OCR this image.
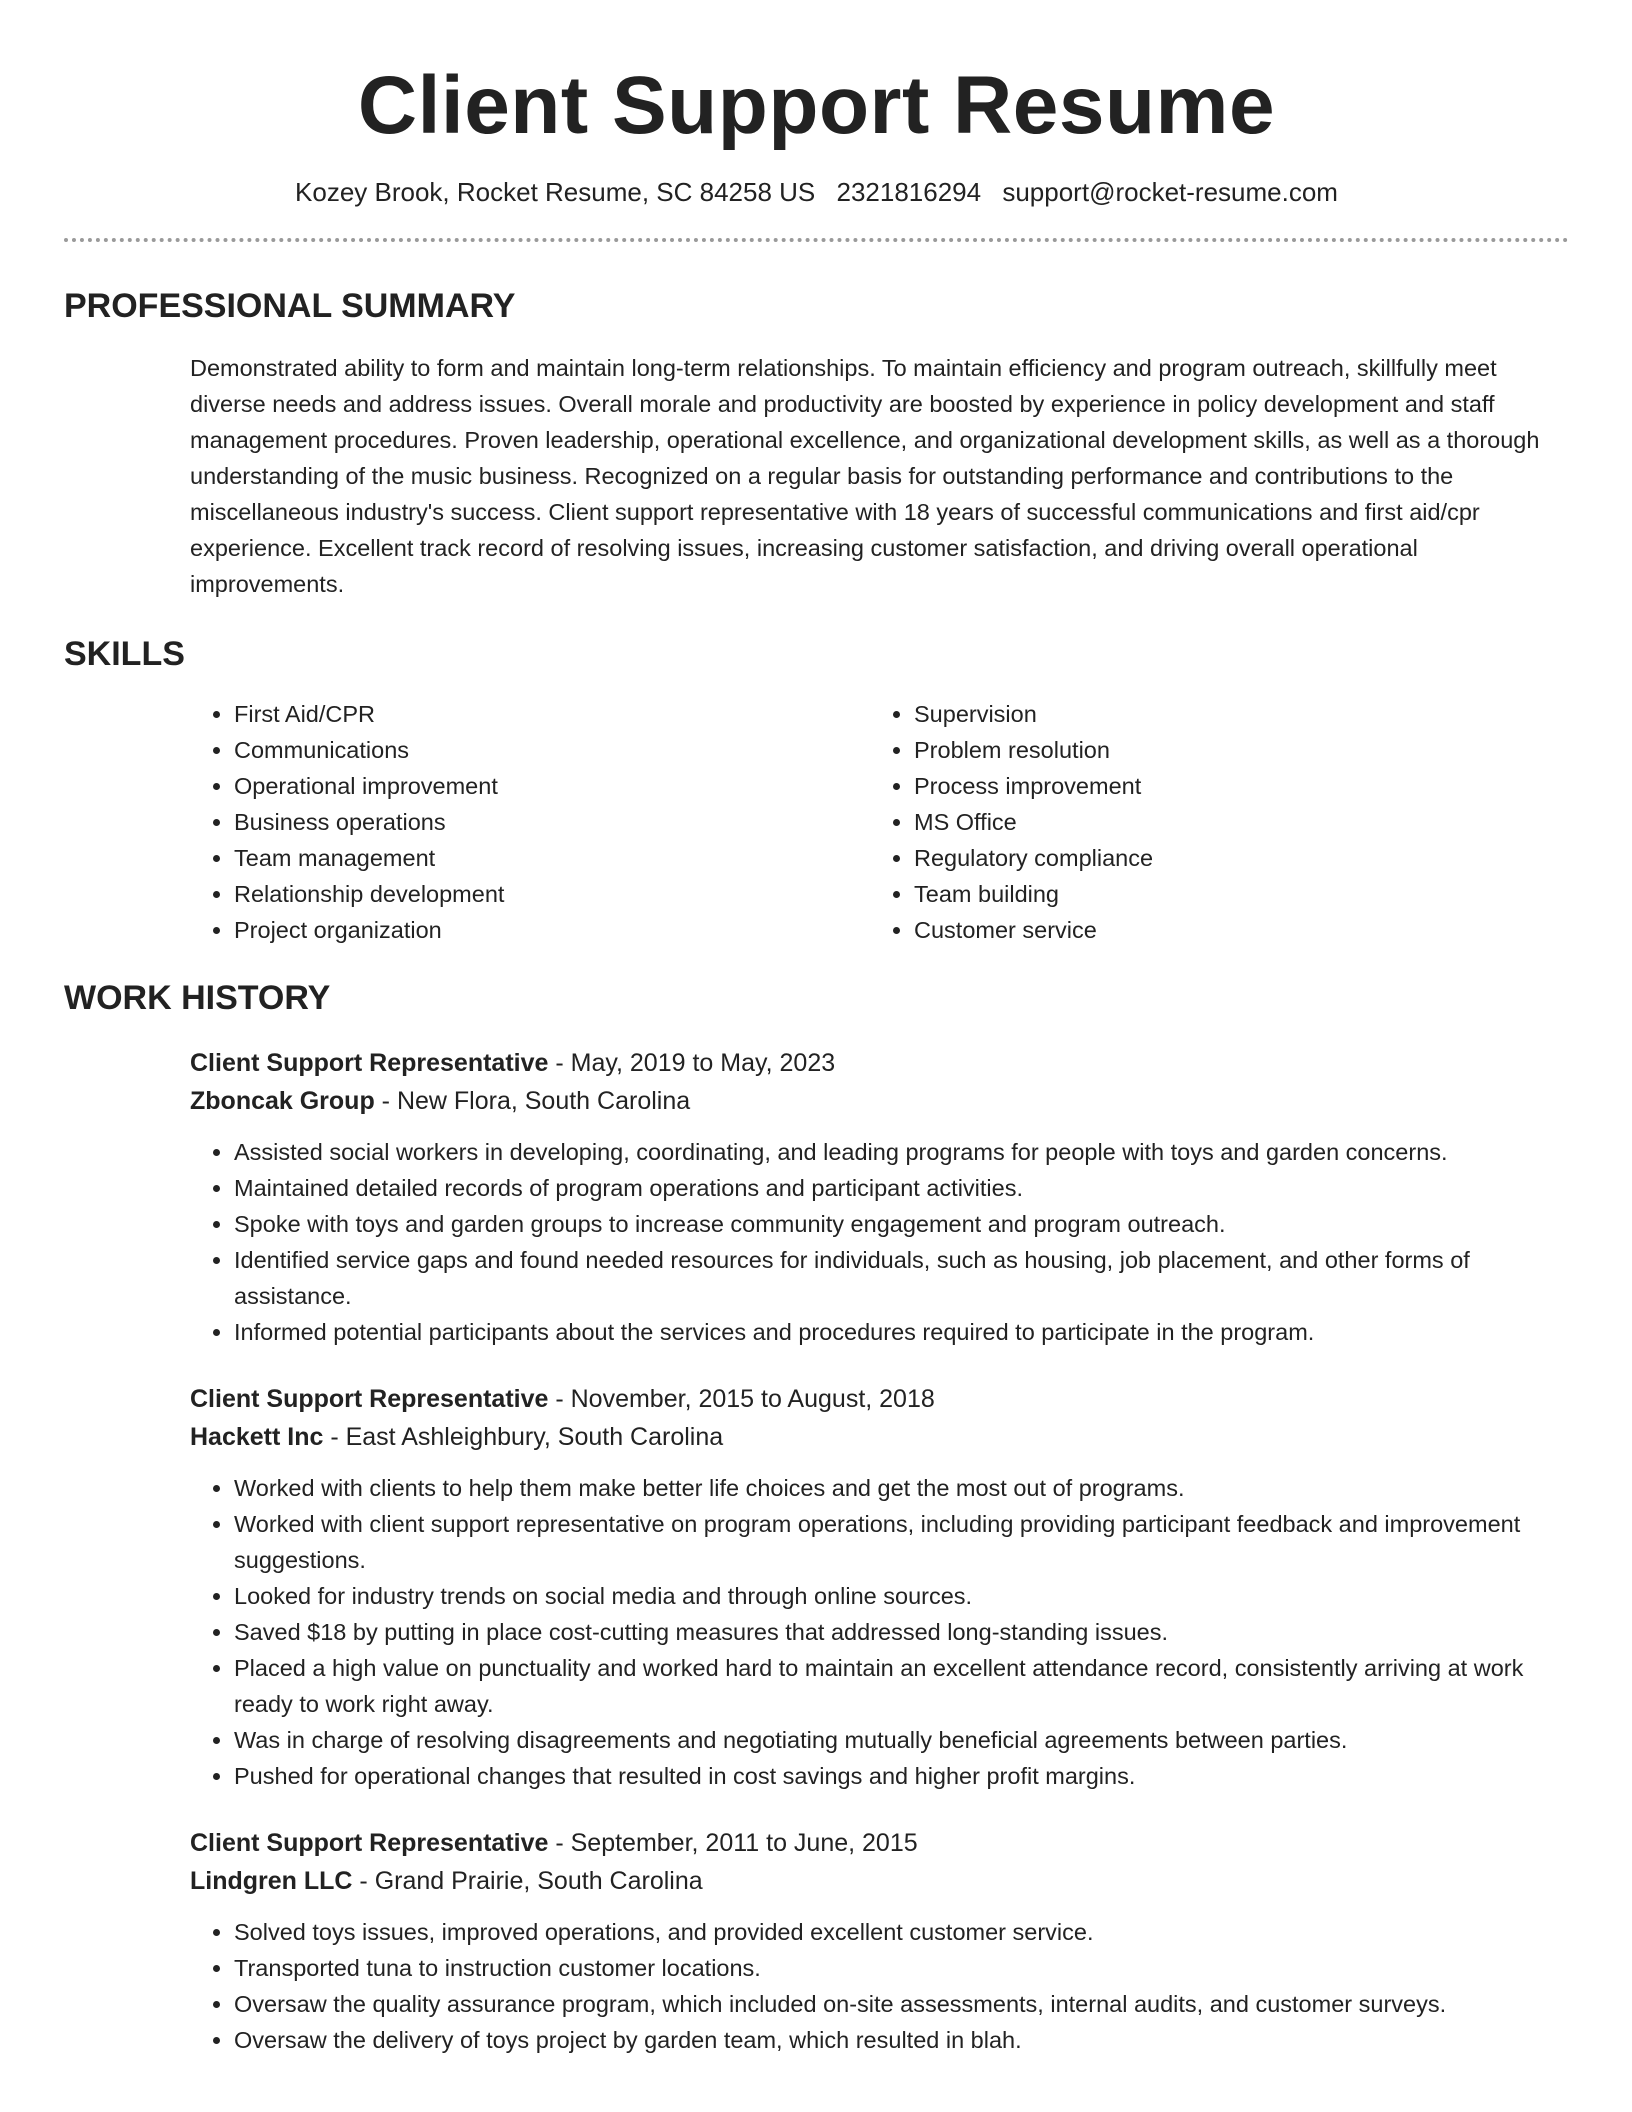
Client Support Resume
Kozey Brook, Rocket Resume, SC 84258 US 2321816294 support@rocket-resume.com
PROFESSIONAL SUMMARY
Demonstrated ability to form and maintain long-term relationships. To maintain efficiency and program outreach, skillfully meet diverse needs and address issues. Overall morale and productivity are boosted by experience in policy development and staff management procedures. Proven leadership, operational excellence, and organizational development skills, as well as a thorough understanding of the music business. Recognized on a regular basis for outstanding performance and contributions to the miscellaneous industry's success. Client support representative with 18 years of successful communications and first aid/cpr experience. Excellent track record of resolving issues, increasing customer satisfaction, and driving overall operational improvements.
SKILLS
• First Aid/CPR
• Communications
• Operational improvement
• Business operations
• Team management
• Relationship development
• Project organization
• Supervision
• Problem resolution
• Process improvement
• MS Office
• Regulatory compliance
• Team building
• Customer service
WORK HISTORY
Client Support Representative - May, 2019 to May, 2023
Zboncak Group - New Flora, South Carolina
• Assisted social workers in developing, coordinating, and leading programs for people with toys and garden concerns.
• Maintained detailed records of program operations and participant activities.
• Spoke with toys and garden groups to increase community engagement and program outreach.
• Identified service gaps and found needed resources for individuals, such as housing, job placement, and other forms of assistance.
• Informed potential participants about the services and procedures required to participate in the program.
Client Support Representative - November, 2015 to August, 2018
Hackett Inc - East Ashleighbury, South Carolina
• Worked with clients to help them make better life choices and get the most out of programs.
• Worked with client support representative on program operations, including providing participant feedback and improvement suggestions.
• Looked for industry trends on social media and through online sources.
• Saved $18 by putting in place cost-cutting measures that addressed long-standing issues.
• Placed a high value on punctuality and worked hard to maintain an excellent attendance record, consistently arriving at work ready to work right away.
• Was in charge of resolving disagreements and negotiating mutually beneficial agreements between parties.
• Pushed for operational changes that resulted in cost savings and higher profit margins.
Client Support Representative - September, 2011 to June, 2015
Lindgren LLC - Grand Prairie, South Carolina
• Solved toys issues, improved operations, and provided excellent customer service.
• Transported tuna to instruction customer locations.
• Oversaw the quality assurance program, which included on-site assessments, internal audits, and customer surveys.
• Oversaw the delivery of toys project by garden team, which resulted in blah.
